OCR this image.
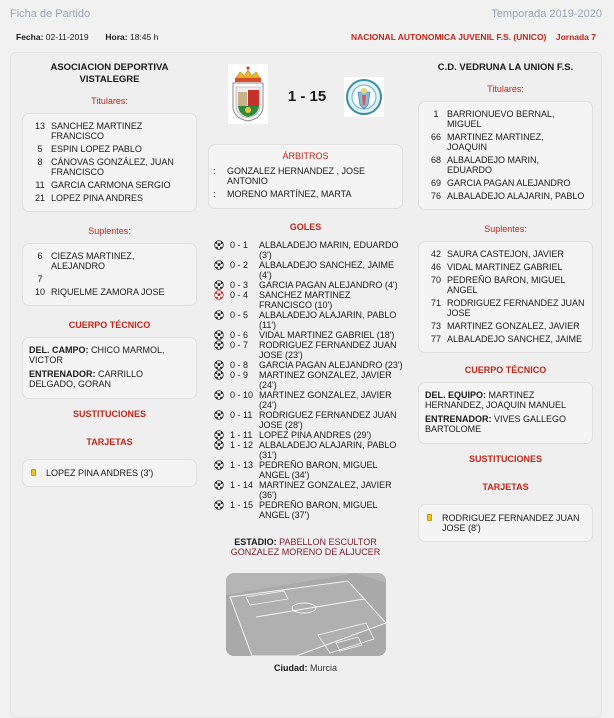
Ficha de Partido	Temporada 2019-2020
Fecha: 02-11-2019 Hora: 18:45 h	NACIONAL AUTONOMICA JUVENIL F.S. (UNICO) Jornada 7
ASOCIACION DEPORTIVA VISTALEGRE
Titulares:
13 SANCHEZ MARTINEZ FRANCISCO
5 ESPIN LOPEZ PABLO
8 CÁNOVAS GONZÁLEZ, JUAN FRANCISCO
11 GARCIA CARMONA SERGIO
21 LOPEZ PINA ANDRES
Suplentes:
6 CIEZAS MARTINEZ, ALEJANDRO
7
10 RIQUELME ZAMORA JOSE
CUERPO TÉCNICO
DEL. CAMPO: CHICO MARMOL, VICTOR
ENTRENADOR: CARRILLO DELGADO, GORAN
SUSTITUCIONES
TARJETAS
LOPEZ PINA ANDRES (3')
1 - 15
ÁRBITROS
:	GONZALEZ HERNANDEZ , JOSE ANTONIO
:	MORENO MARTÍNEZ, MARTA
GOLES
0 - 1	ALBALADEJO MARIN, EDUARDO (3')
0 - 2	ALBALADEJO SANCHEZ, JAIME (4')
0 - 3	GARCIA PAGAN ALEJANDRO (4')
0 - 4	SANCHEZ MARTINEZ FRANCISCO (10')
0 - 5	ALBALADEJO ALAJARIN, PABLO (11')
0 - 6	VIDAL MARTINEZ GABRIEL (18')
0 - 7	RODRIGUEZ FERNANDEZ JUAN JOSE (23')
0 - 8	GARCIA PAGAN ALEJANDRO (23')
0 - 9	MARTINEZ GONZALEZ, JAVIER (24')
0 - 10 MARTINEZ GONZALEZ, JAVIER (24')
0 - 11 RODRIGUEZ FERNANDEZ JUAN JOSE (28')
1 - 11 LOPEZ PINA ANDRES (29')
1 - 12 ALBALADEJO ALAJARIN, PABLO (31')
1 - 13 PEDREÑO BARON, MIGUEL ANGEL (34')
1 - 14 MARTINEZ GONZALEZ, JAVIER (36')
1 - 15 PEDREÑO BARON, MIGUEL ANGEL (37')
ESTADIO: PABELLON ESCULTOR GONZALEZ MORENO DE ALJUCER
Ciudad: Murcia
C.D. VEDRUNA LA UNION F.S.
Titulares:
1 BARRIONUEVO BERNAL, MIGUEL
66 MARTINEZ MARTINEZ, JOAQUIN
68 ALBALADEJO MARIN, EDUARDO
69 GARCIA PAGAN ALEJANDRO
76 ALBALADEJO ALAJARIN, PABLO
Suplentes:
42 SAURA CASTEJON, JAVIER
46 VIDAL MARTINEZ GABRIEL
70 PEDREÑO BARON, MIGUEL ANGEL
71 RODRIGUEZ FERNANDEZ JUAN JOSE
73 MARTINEZ GONZALEZ, JAVIER
77 ALBALADEJO SANCHEZ, JAIME
CUERPO TÉCNICO
DEL. EQUIPO: MARTINEZ HERNANDEZ, JOAQUIN MANUEL
ENTRENADOR: VIVES GALLEGO BARTOLOME
SUSTITUCIONES
TARJETAS
RODRIGUEZ FERNANDEZ JUAN JOSE (8')
